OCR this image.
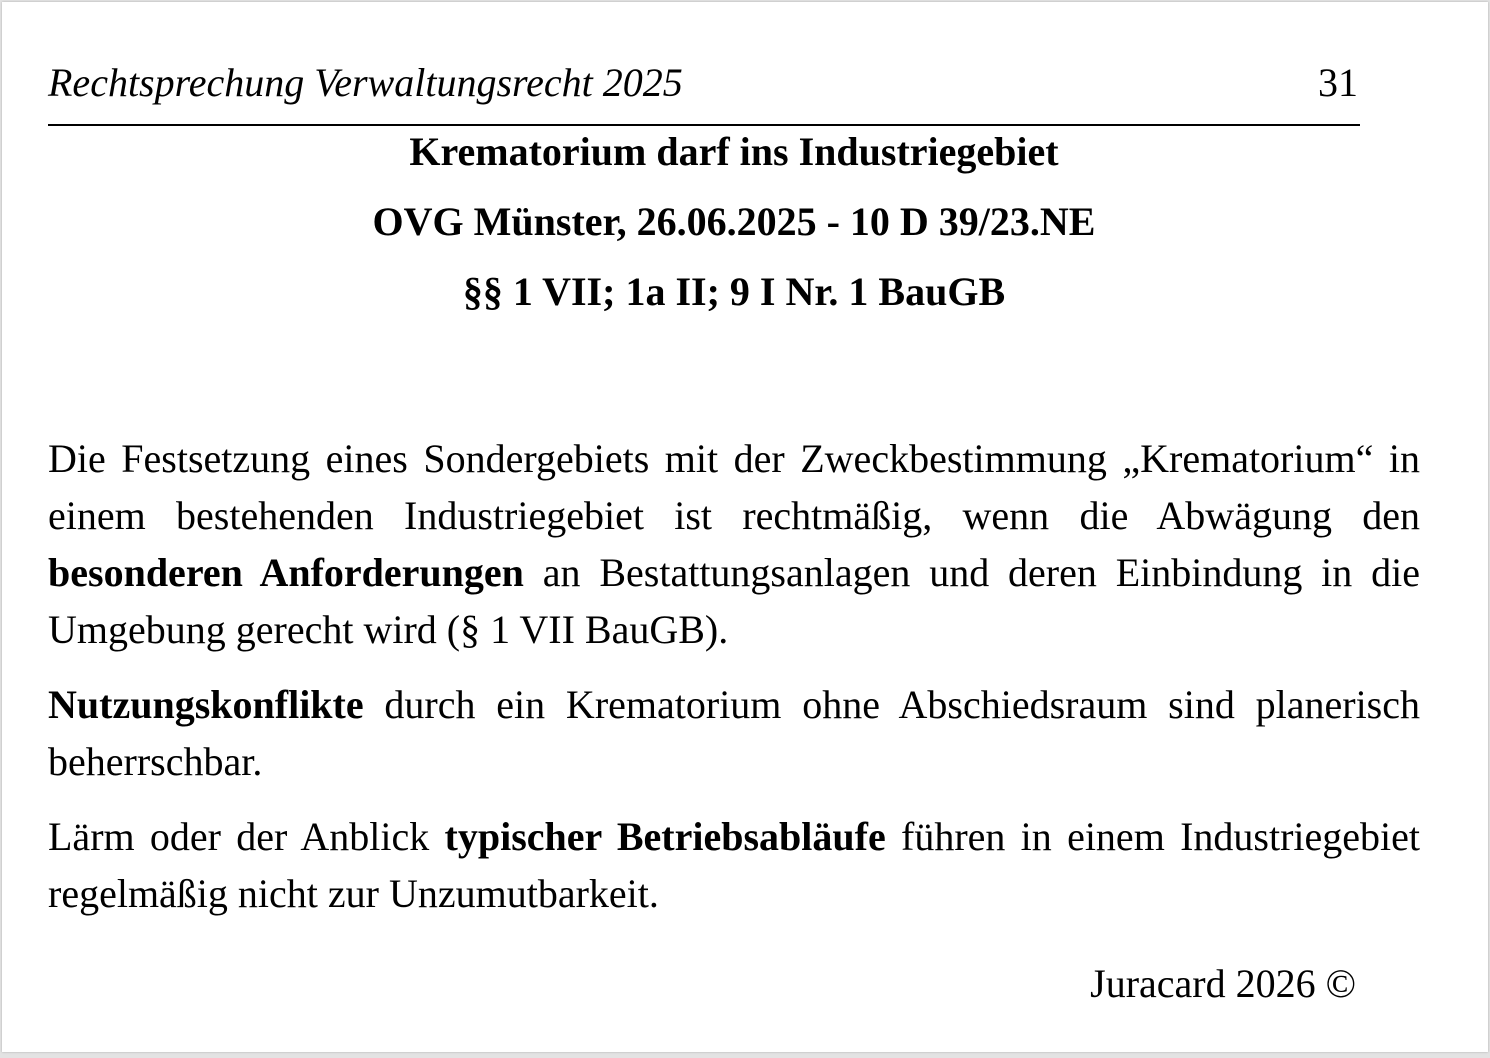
Rechtsprechung Verwaltungsrecht 2025	31
Krematorium darf ins Industriegebiet
OVG Münster, 26.06.2025 - 10 D 39/23.NE
§§ 1 VII; 1a II; 9 I Nr. 1 BauGB

Die Festsetzung eines Sondergebiets mit der Zweckbestimmung „Krematorium“ in einem bestehenden Industriegebiet ist rechtmäßig, wenn die Abwägung den besonderen Anforderungen an Bestattungsanlagen und deren Einbindung in die Umgebung gerecht wird (§ 1 VII BauGB).

Nutzungskonflikte durch ein Krematorium ohne Abschiedsraum sind planerisch beherrschbar.

Lärm oder der Anblick typischer Betriebsabläufe führen in einem Industriegebiet regelmäßig nicht zur Unzumutbarkeit.

Juracard 2026 ©
